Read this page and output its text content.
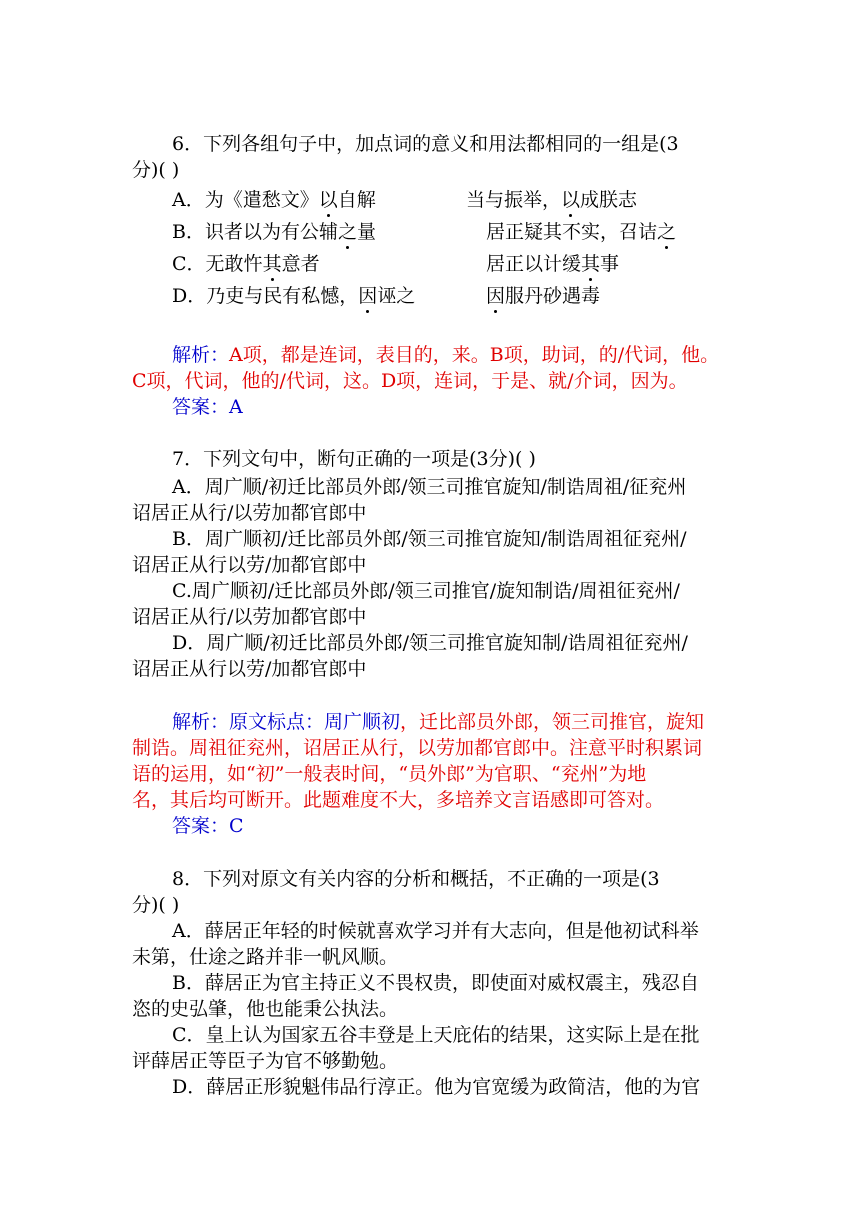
6．下列各组句子中，加点词的意义和用法都相同的一组是(3
分)( )
A．为《遣愁文》以自解	当与振举，以成朕志
B．识者以为有公辅之量	居正疑其不实，召诘之
C．无敢忤其意者	居正以计缓其事
D．乃吏与民有私憾，因诬之	因服丹砂遇毒
解析：A项，都是连词，表目的，来。B项，助词，的/代词，他。
C项，代词，他的/代词，这。D项，连词，于是、就/介词，因为。
答案：A
7．下列文句中，断句正确的一项是(3分)( )
A．周广顺/初迁比部员外郎/领三司推官旋知/制诰周祖/征兖州
诏居正从行/以劳加都官郎中
B．周广顺初/迁比部员外郎/领三司推官旋知/制诰周祖征兖州/
诏居正从行以劳/加都官郎中
C.周广顺初/迁比部员外郎/领三司推官/旋知制诰/周祖征兖州/
诏居正从行/以劳加都官郎中
D．周广顺/初迁比部员外郎/领三司推官旋知制/诰周祖征兖州/
诏居正从行以劳/加都官郎中
解析：原文标点：周广顺初，迁比部员外郎，领三司推官，旋知
制诰。周祖征兖州，诏居正从行，以劳加都官郎中。注意平时积累词
语的运用，如“初”一般表时间，“员外郎”为官职、“兖州”为地
名，其后均可断开。此题难度不大，多培养文言语感即可答对。
答案：C
8．下列对原文有关内容的分析和概括，不正确的一项是(3
分)( )
A．薛居正年轻的时候就喜欢学习并有大志向，但是他初试科举
未第，仕途之路并非一帆风顺。
B．薛居正为官主持正义不畏权贵，即使面对威权震主，残忍自
恣的史弘肇，他也能秉公执法。
C．皇上认为国家五谷丰登是上天庇佑的结果，这实际上是在批
评薛居正等臣子为官不够勤勉。
D．薛居正形貌魁伟品行淳正。他为官宽缓为政简洁，他的为官
